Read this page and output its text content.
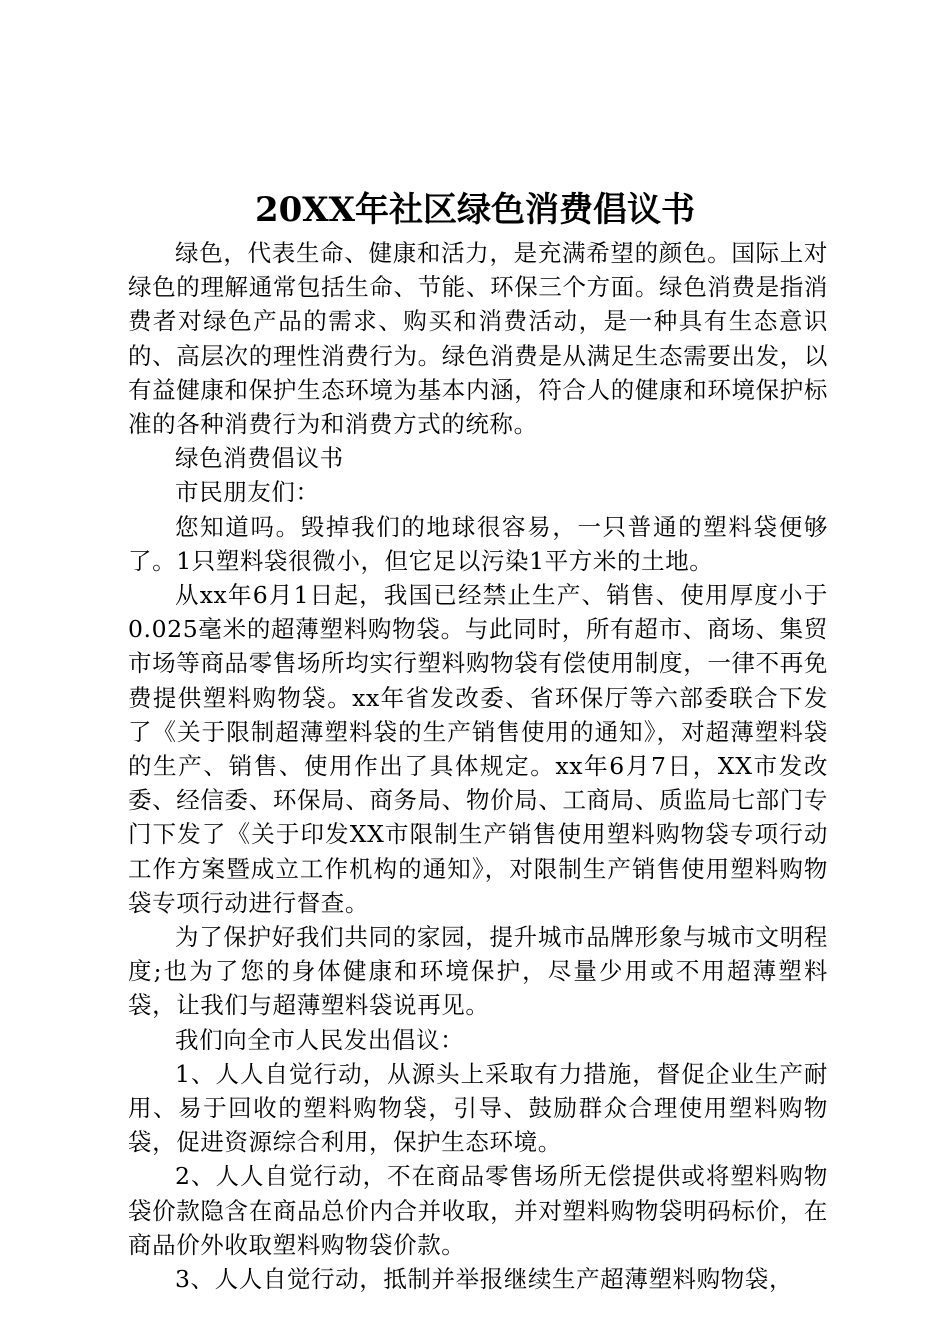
20XX年社区绿色消费倡议书

绿色，代表生命、健康和活力，是充满希望的颜色。国际上对绿色的理解通常包括生命、节能、环保三个方面。绿色消费是指消费者对绿色产品的需求、购买和消费活动，是一种具有生态意识的、高层次的理性消费行为。绿色消费是从满足生态需要出发，以有益健康和保护生态环境为基本内涵，符合人的健康和环境保护标准的各种消费行为和消费方式的统称。

绿色消费倡议书

市民朋友们：

您知道吗。毁掉我们的地球很容易，一只普通的塑料袋便够了。1只塑料袋很微小，但它足以污染1平方米的土地。

从xx年6月1日起，我国已经禁止生产、销售、使用厚度小于0.025毫米的超薄塑料购物袋。与此同时，所有超市、商场、集贸市场等商品零售场所均实行塑料购物袋有偿使用制度，一律不再免费提供塑料购物袋。xx年省发改委、省环保厅等六部委联合下发了《关于限制超薄塑料袋的生产销售使用的通知》，对超薄塑料袋的生产、销售、使用作出了具体规定。xx年6月7日，XX市发改委、经信委、环保局、商务局、物价局、工商局、质监局七部门专门下发了《关于印发XX市限制生产销售使用塑料购物袋专项行动工作方案暨成立工作机构的通知》，对限制生产销售使用塑料购物袋专项行动进行督查。

为了保护好我们共同的家园，提升城市品牌形象与城市文明程度;也为了您的身体健康和环境保护，尽量少用或不用超薄塑料袋，让我们与超薄塑料袋说再见。

我们向全市人民发出倡议：

1、人人自觉行动，从源头上采取有力措施，督促企业生产耐用、易于回收的塑料购物袋，引导、鼓励群众合理使用塑料购物袋，促进资源综合利用，保护生态环境。

2、人人自觉行动，不在商品零售场所无偿提供或将塑料购物袋价款隐含在商品总价内合并收取，并对塑料购物袋明码标价，在商品价外收取塑料购物袋价款。

3、人人自觉行动，抵制并举报继续生产超薄塑料购物袋，
